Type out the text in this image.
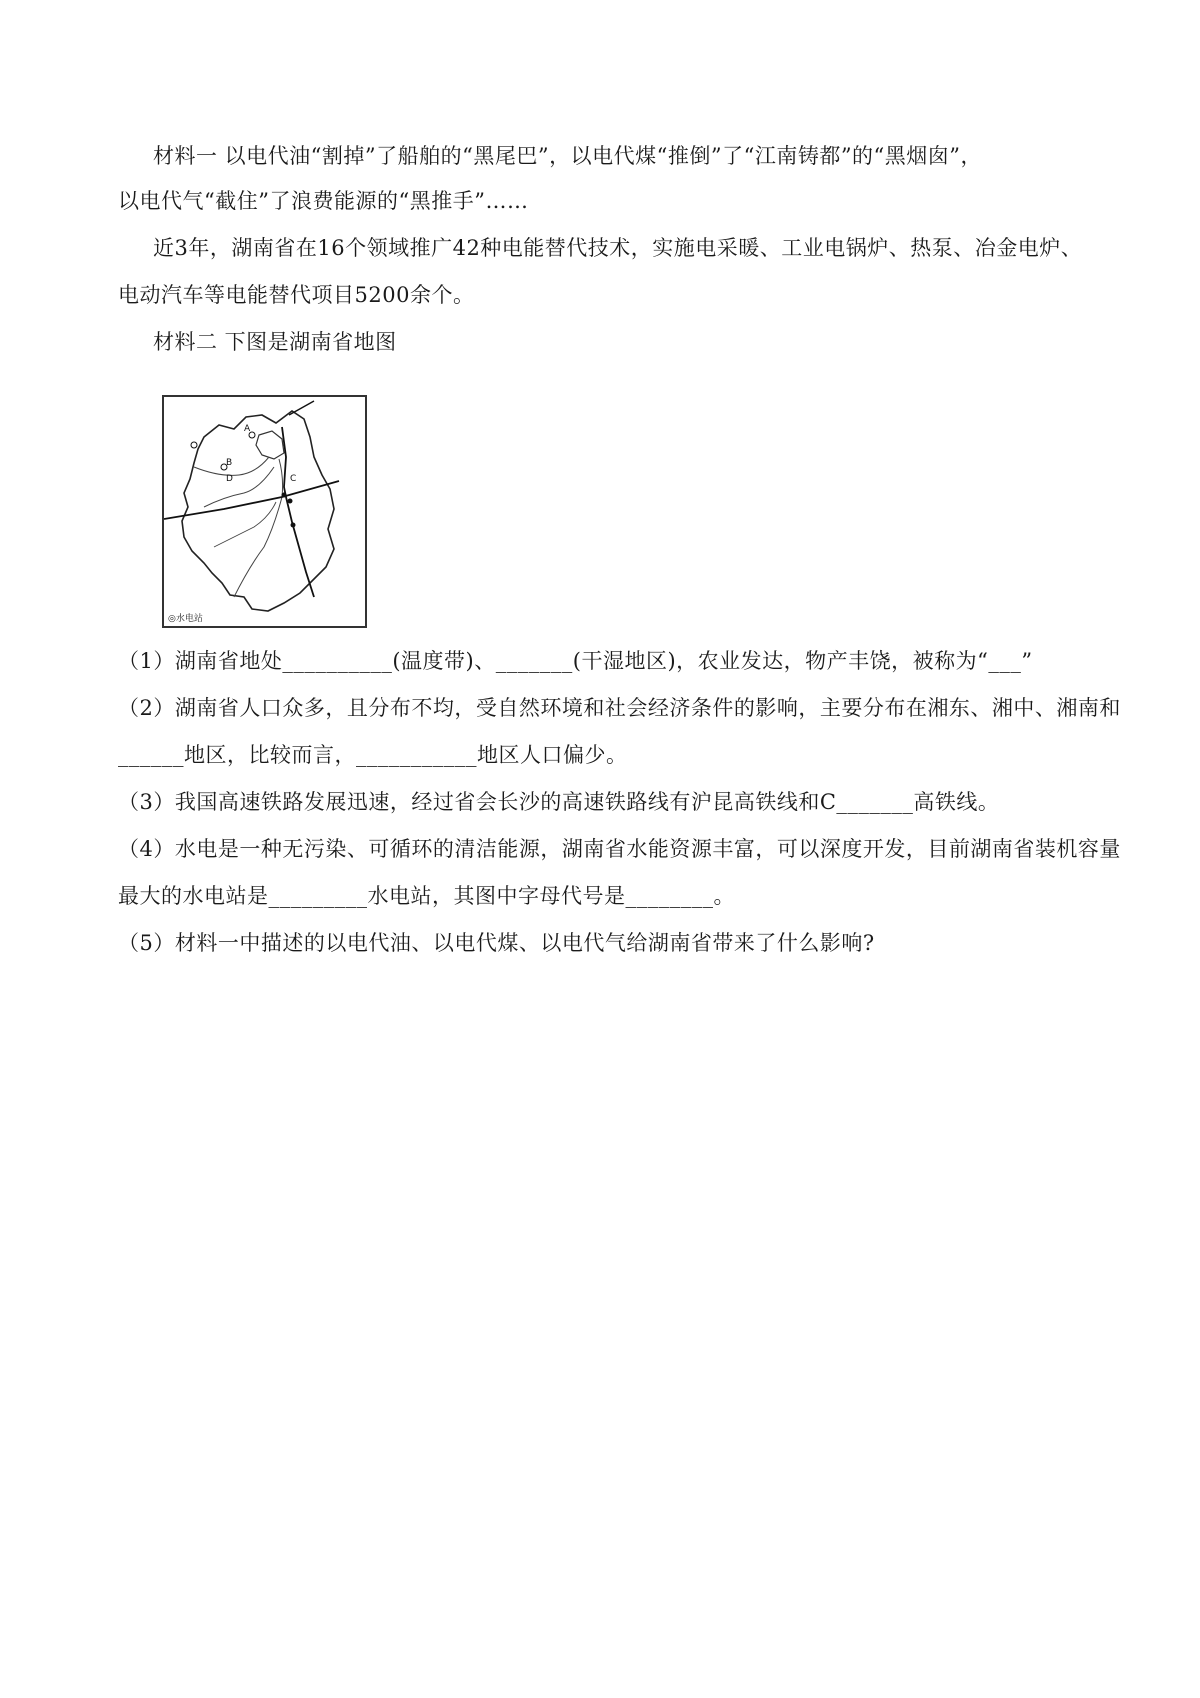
材料一 以电代油“割掉”了船舶的“黑尾巴”，以电代煤“推倒”了“江南铸都”的“黑烟囱”，
以电代气“截住”了浪费能源的“黑推手”……
近3年，湖南省在16个领域推广42种电能替代技术，实施电采暖、工业电锅炉、热泵、冶金电炉、
电动汽车等电能替代项目5200余个。
材料二 下图是湖南省地图
A
B
C
D
◎水电站
（1）湖南省地处__________(温度带)、_______(干湿地区)，农业发达，物产丰饶，被称为“___”
（2）湖南省人口众多，且分布不均，受自然环境和社会经济条件的影响，主要分布在湘东、湘中、湘南和
______地区，比较而言，___________地区人口偏少。
（3）我国高速铁路发展迅速，经过省会长沙的高速铁路线有沪昆高铁线和C_______高铁线。
（4）水电是一种无污染、可循环的清洁能源，湖南省水能资源丰富，可以深度开发，目前湖南省装机容量
最大的水电站是_________水电站，其图中字母代号是________。
（5）材料一中描述的以电代油、以电代煤、以电代气给湖南省带来了什么影响?
